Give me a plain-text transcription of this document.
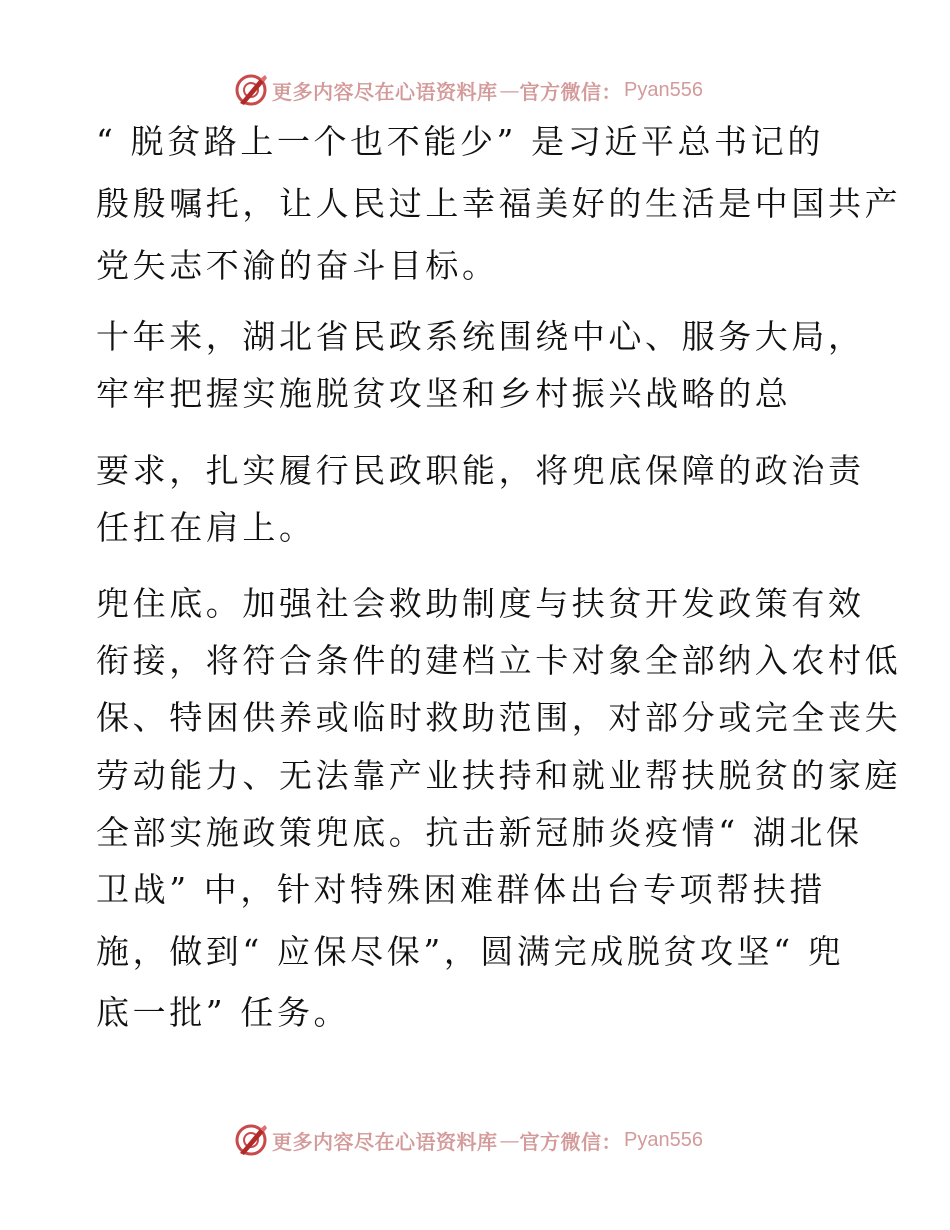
更多内容尽在心语资料库 — 官方微信： Pyan556
“ 脱贫路上一个也不能少” 是习近平总书记的
殷殷嘱托，让人民过上幸福美好的生活是中国共产
党矢志不渝的奋斗目标。
十年来，湖北省民政系统围绕中心、服务大局，
牢牢把握实施脱贫攻坚和乡村振兴战略的总
要求，扎实履行民政职能，将兜底保障的政治责
任扛在肩上。
兜住底。加强社会救助制度与扶贫开发政策有效
衔接，将符合条件的建档立卡对象全部纳入农村低
保、特困供养或临时救助范围，对部分或完全丧失
劳动能力、无法靠产业扶持和就业帮扶脱贫的家庭
全部实施政策兜底。抗击新冠肺炎疫情“ 湖北保
卫战” 中，针对特殊困难群体出台专项帮扶措
施，做到“ 应保尽保”，圆满完成脱贫攻坚“ 兜
底一批” 任务。
更多内容尽在心语资料库 — 官方微信： Pyan556
